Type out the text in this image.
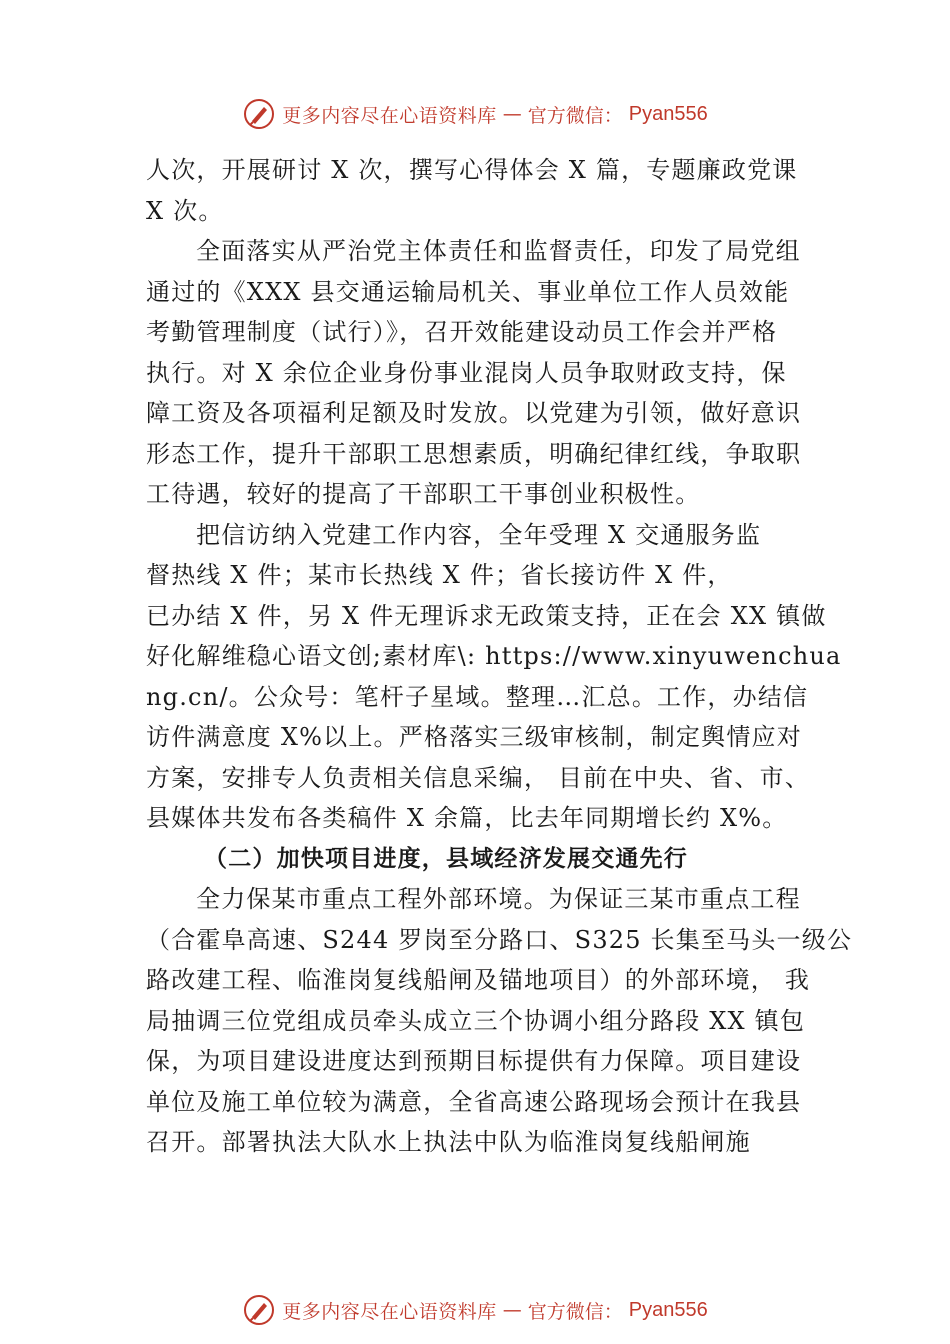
更多内容尽在心语资料库 — 官方微信： Pyan556
人次，开展研讨 X 次，撰写心得体会 X 篇，专题廉政党课
X 次。
全面落实从严治党主体责任和监督责任，印发了局党组
通过的《XXX 县交通运输局机关、事业单位工作人员效能
考勤管理制度（试行）》，召开效能建设动员工作会并严格
执行。对 X 余位企业身份事业混岗人员争取财政支持，保
障工资及各项福利足额及时发放。以党建为引领，做好意识
形态工作，提升干部职工思想素质，明确纪律红线，争取职
工待遇，较好的提高了干部职工干事创业积极性。
把信访纳入党建工作内容，全年受理 X 交通服务监
督热线 X 件；某市长热线 X 件；省长接访件 X 件，
已办结 X 件，另 X 件无理诉求无政策支持，正在会 XX 镇做
好化解维稳心语文创;素材库\: https://www.xinyuwenchua
ng.cn/。公众号：笔杆子星域。整理…汇总。工作，办结信
访件满意度 X%以上。严格落实三级审核制，制定舆情应对
方案，安排专人负责相关信息采编， 目前在中央、省、市、
县媒体共发布各类稿件 X 余篇，比去年同期增长约 X%。
（二）加快项目进度，县域经济发展交通先行
全力保某市重点工程外部环境。为保证三某市重点工程
（合霍阜高速、S244 罗岗至分路口、S325 长集至马头一级公
路改建工程、临淮岗复线船闸及锚地项目）的外部环境， 我
局抽调三位党组成员牵头成立三个协调小组分路段 XX 镇包
保，为项目建设进度达到预期目标提供有力保障。项目建设
单位及施工单位较为满意，全省高速公路现场会预计在我县
召开。部署执法大队水上执法中队为临淮岗复线船闸施
更多内容尽在心语资料库 — 官方微信： Pyan556
